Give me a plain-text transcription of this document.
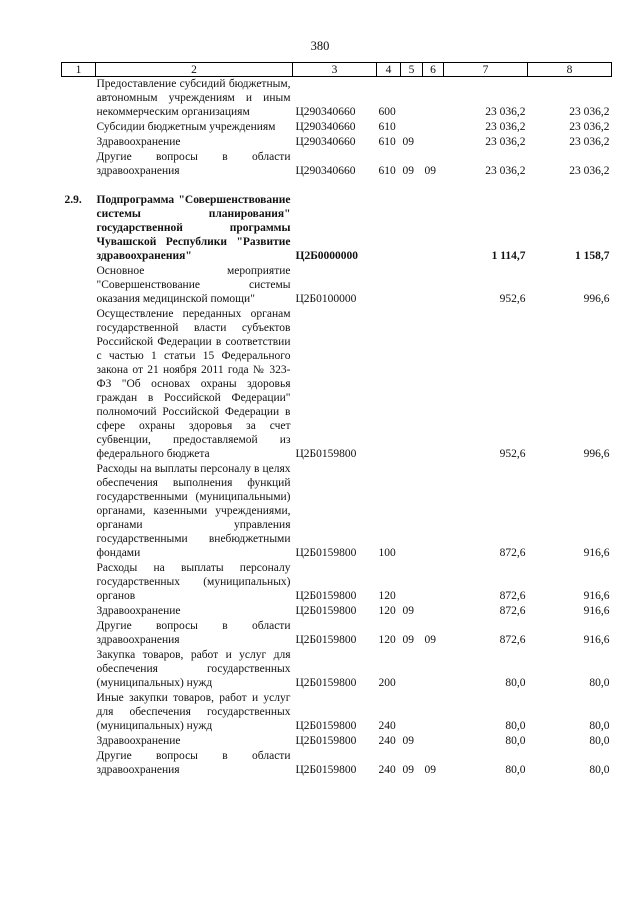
380
1	2	3	4	5	6	7	8
	Предоставление субсидий бюджетным, автономным учреждениям и иным некоммерческим организациям	Ц290340660	600			23 036,2	23 036,2
	Субсидии бюджетным учреждениям	Ц290340660	610			23 036,2	23 036,2
	Здравоохранение	Ц290340660	610	09		23 036,2	23 036,2
	Другие вопросы в области здравоохранения	Ц290340660	610	09	09	23 036,2	23 036,2

2.9.	Подпрограмма "Совершенствование системы планирования" государственной программы Чувашской Республики "Развитие здравоохранения"	Ц2Б0000000				1 114,7	1 158,7
	Основное мероприятие "Совершенствование системы оказания медицинской помощи"	Ц2Б0100000				952,6	996,6
	Осуществление переданных органам государственной власти субъектов Российской Федерации в соответствии с частью 1 статьи 15 Федерального закона от 21 ноября 2011 года № 323-ФЗ "Об основах охраны здоровья граждан в Российской Федерации" полномочий Российской Федерации в сфере охраны здоровья за счет субвенции, предоставляемой из федерального бюджета	Ц2Б0159800				952,6	996,6
	Расходы на выплаты персоналу в целях обеспечения выполнения функций государственными (муниципальными) органами, казенными учреждениями, органами управления государственными внебюджетными фондами	Ц2Б0159800	100			872,6	916,6
	Расходы на выплаты персоналу государственных (муниципальных) органов	Ц2Б0159800	120			872,6	916,6
	Здравоохранение	Ц2Б0159800	120	09		872,6	916,6
	Другие вопросы в области здравоохранения	Ц2Б0159800	120	09	09	872,6	916,6
	Закупка товаров, работ и услуг для обеспечения государственных (муниципальных) нужд	Ц2Б0159800	200			80,0	80,0
	Иные закупки товаров, работ и услуг для обеспечения государственных (муниципальных) нужд	Ц2Б0159800	240			80,0	80,0
	Здравоохранение	Ц2Б0159800	240	09		80,0	80,0
	Другие вопросы в области здравоохранения	Ц2Б0159800	240	09	09	80,0	80,0
